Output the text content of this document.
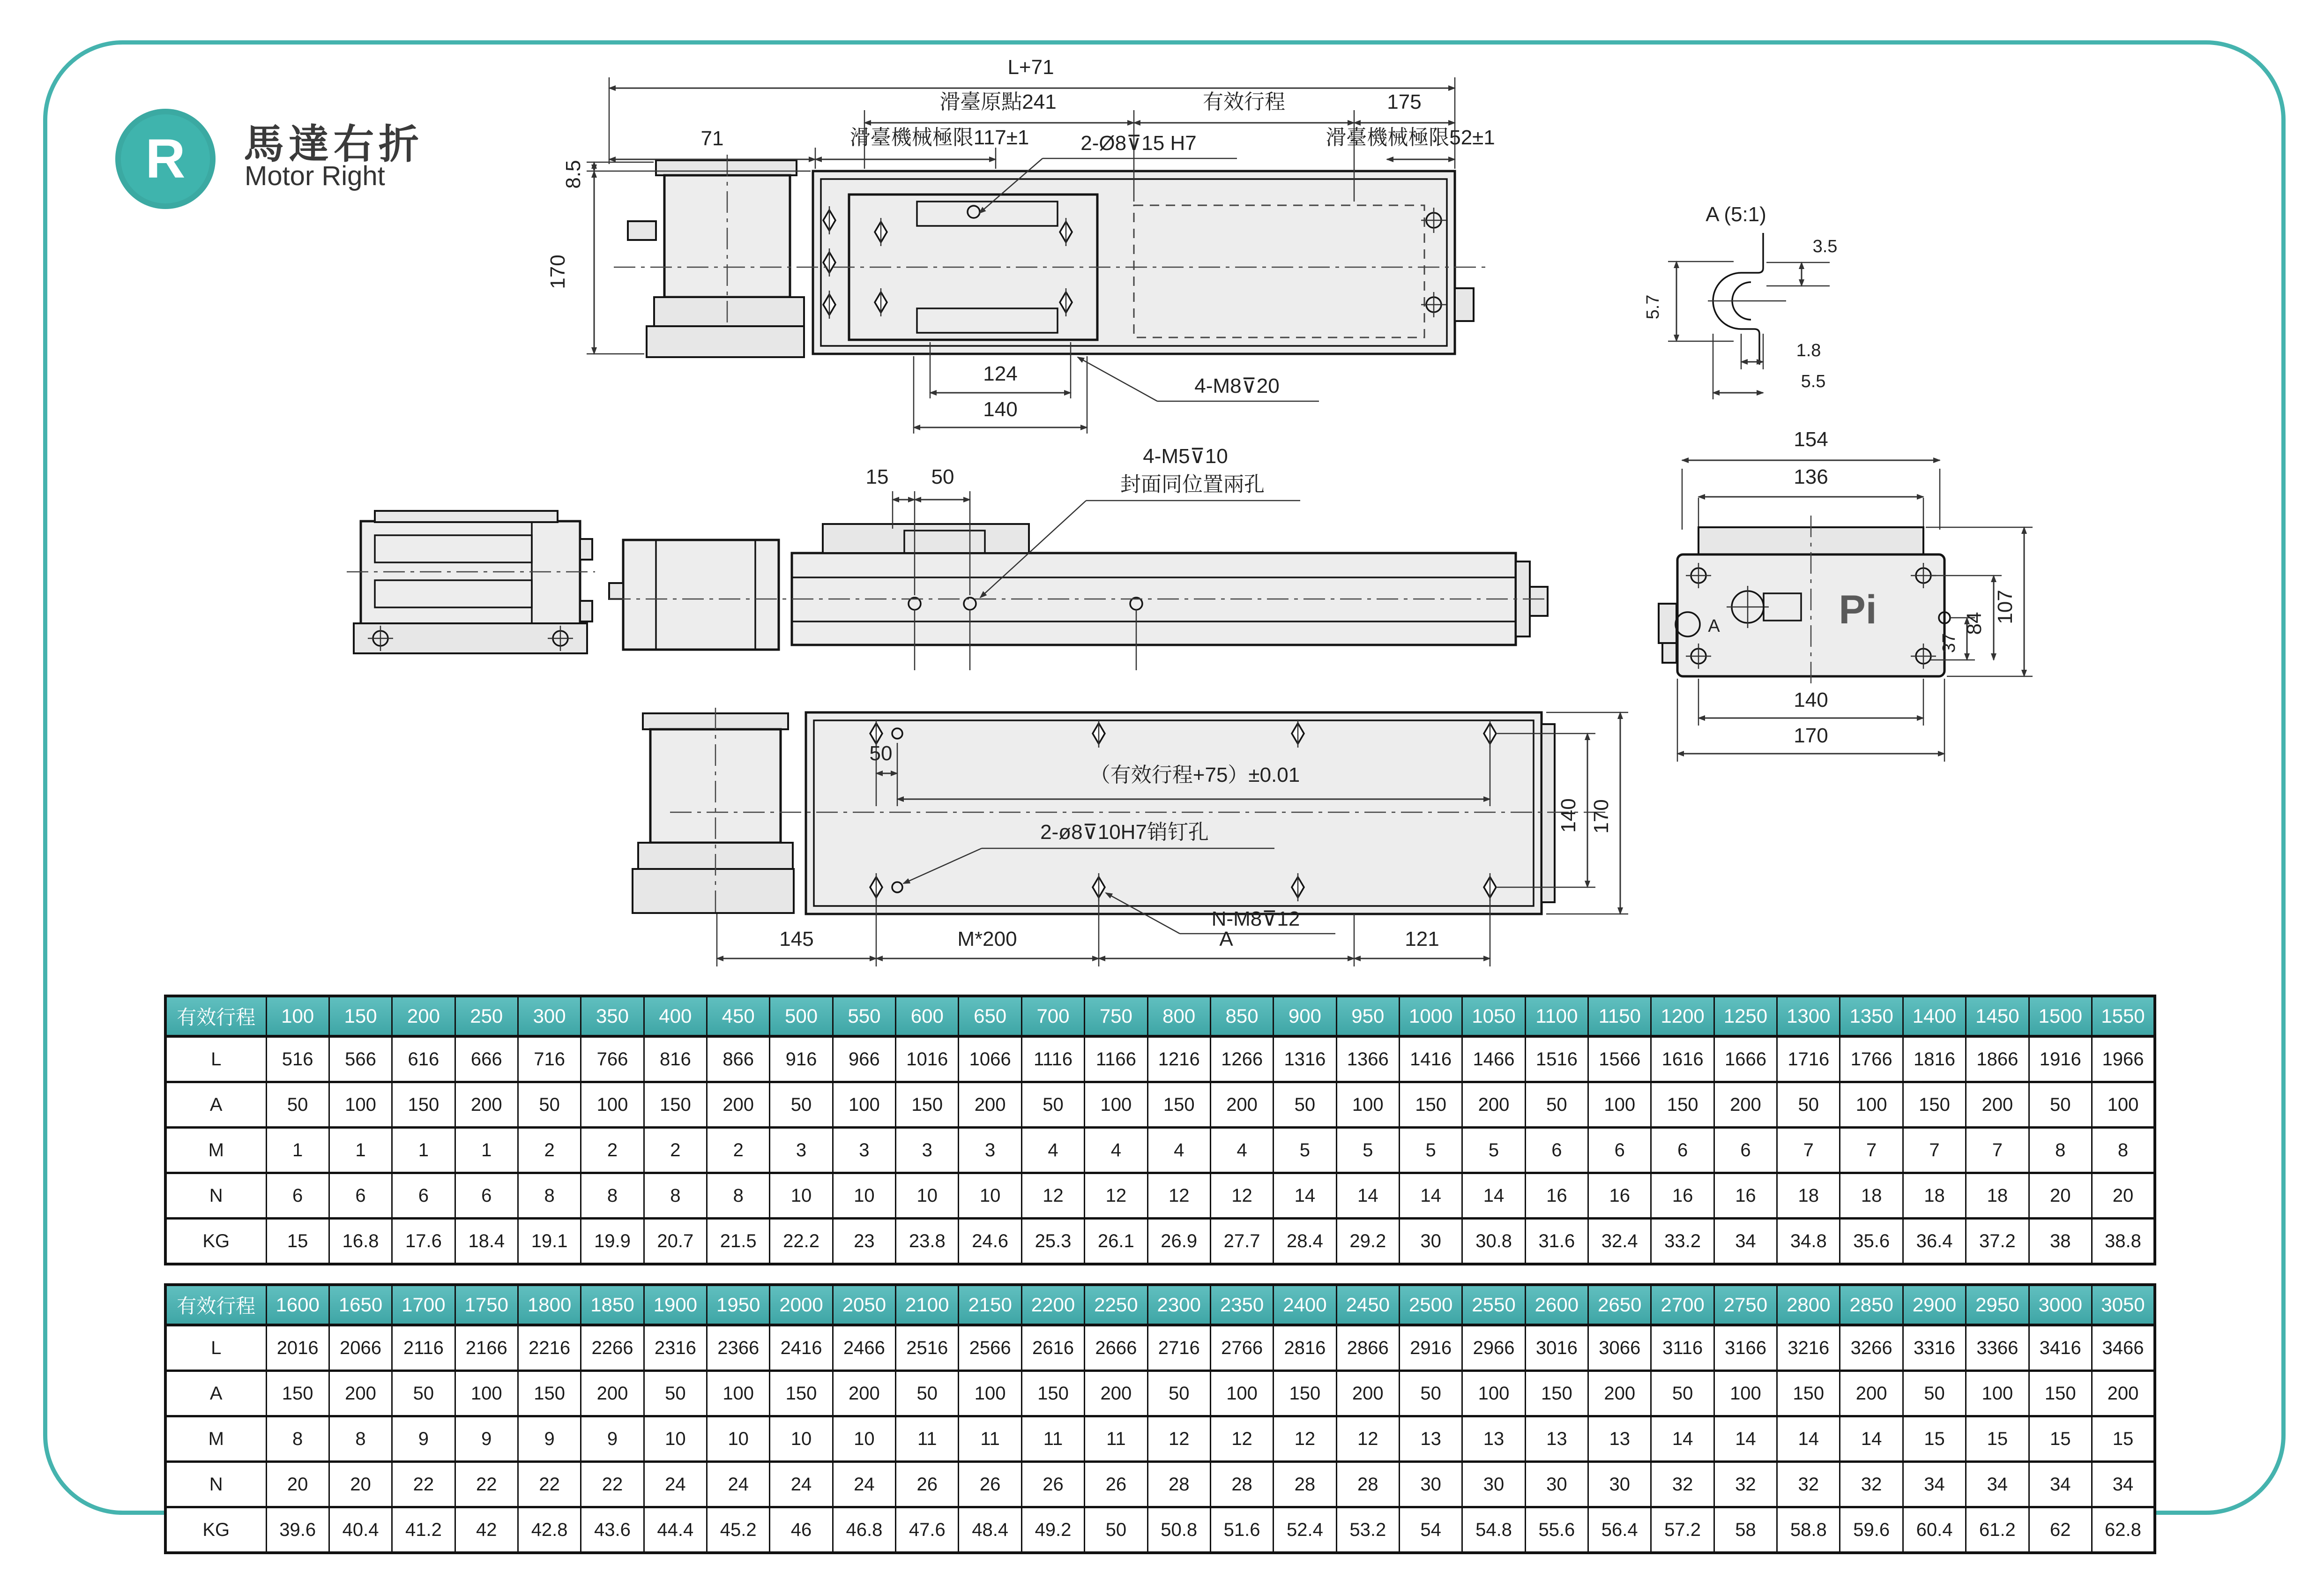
R 馬達右折
Motor Right
L+71
滑臺原點241	有效行程	175
71	滑臺機械極限117±1	滑臺機械極限52±1
2-Ø8⊽15 H7
8.5
170
124
140
4-M8⊽20
A (5:1)
3.5
5.7
1.8
5.5
15 50
4-M5⊽10
封面同位置兩孔
154
136
Pi
A
37
84 107
140
170
50
（有效行程+75）±0.01
2-ø8⊽10H7销钉孔
N-M8⊽12
145	M*200	A	121
140 170
有效行程	100	150	200	250	300	350	400	450	500	550	600	650	700	750	800	850	900	950	1000	1050	1100	1150	1200	1250	1300	1350	1400	1450	1500	1550
L	516	566	616	666	716	766	816	866	916	966	1016	1066	1116	1166	1216	1266	1316	1366	1416	1466	1516	1566	1616	1666	1716	1766	1816	1866	1916	1966
A	50	100	150	200	50	100	150	200	50	100	150	200	50	100	150	200	50	100	150	200	50	100	150	200	50	100	150	200	50	100
M	1	1	1	1	2	2	2	2	3	3	3	3	4	4	4	4	5	5	5	5	6	6	6	6	7	7	7	7	8	8
N	6	6	6	6	8	8	8	8	10	10	10	10	12	12	12	12	14	14	14	14	16	16	16	16	18	18	18	18	20	20
KG	15	16.8	17.6	18.4	19.1	19.9	20.7	21.5	22.2	23	23.8	24.6	25.3	26.1	26.9	27.7	28.4	29.2	30	30.8	31.6	32.4	33.2	34	34.8	35.6	36.4	37.2	38	38.8
有效行程	1600	1650	1700	1750	1800	1850	1900	1950	2000	2050	2100	2150	2200	2250	2300	2350	2400	2450	2500	2550	2600	2650	2700	2750	2800	2850	2900	2950	3000	3050
L	2016	2066	2116	2166	2216	2266	2316	2366	2416	2466	2516	2566	2616	2666	2716	2766	2816	2866	2916	2966	3016	3066	3116	3166	3216	3266	3316	3366	3416	3466
A	150	200	50	100	150	200	50	100	150	200	50	100	150	200	50	100	150	200	50	100	150	200	50	100	150	200	50	100	150	200
M	8	8	9	9	9	9	10	10	10	10	11	11	11	11	12	12	12	12	13	13	13	13	14	14	14	14	15	15	15	15
N	20	20	22	22	22	22	24	24	24	24	26	26	26	26	28	28	28	28	30	30	30	30	32	32	32	32	34	34	34	34
KG	39.6	40.4	41.2	42	42.8	43.6	44.4	45.2	46	46.8	47.6	48.4	49.2	50	50.8	51.6	52.4	53.2	54	54.8	55.6	56.4	57.2	58	58.8	59.6	60.4	61.2	62	62.8
